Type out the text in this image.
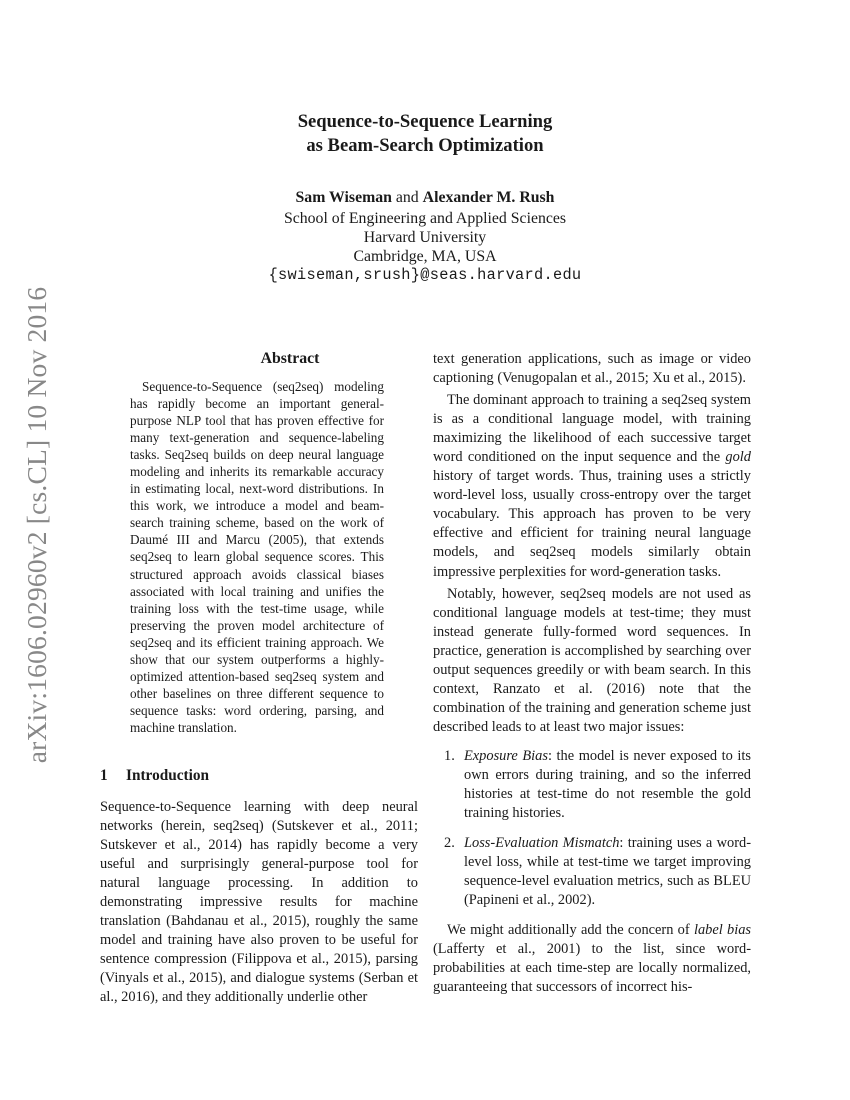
arXiv:1606.02960v2 [cs.CL] 10 Nov 2016
Sequence-to-Sequence Learning
as Beam-Search Optimization
Sam Wiseman and Alexander M. Rush
School of Engineering and Applied Sciences
Harvard University
Cambridge, MA, USA
{swiseman,srush}@seas.harvard.edu
Abstract

Sequence-to-Sequence (seq2seq) modeling has rapidly become an important general-purpose NLP tool that has proven effective for many text-generation and sequence-labeling tasks. Seq2seq builds on deep neural language modeling and inherits its remarkable accuracy in estimating local, next-word distributions. In this work, we introduce a model and beam-search training scheme, based on the work of Daumé III and Marcu (2005), that extends seq2seq to learn global sequence scores. This structured approach avoids classical biases associated with local training and unifies the training loss with the test-time usage, while preserving the proven model architecture of seq2seq and its efficient training approach. We show that our system outperforms a highly-optimized attention-based seq2seq system and other baselines on three different sequence to sequence tasks: word ordering, parsing, and machine translation.

1 Introduction

Sequence-to-Sequence learning with deep neural networks (herein, seq2seq) (Sutskever et al., 2011; Sutskever et al., 2014) has rapidly become a very useful and surprisingly general-purpose tool for natural language processing. In addition to demonstrating impressive results for machine translation (Bahdanau et al., 2015), roughly the same model and training have also proven to be useful for sentence compression (Filippova et al., 2015), parsing (Vinyals et al., 2015), and dialogue systems (Serban et al., 2016), and they additionally underlie other

text generation applications, such as image or video captioning (Venugopalan et al., 2015; Xu et al., 2015).

The dominant approach to training a seq2seq system is as a conditional language model, with training maximizing the likelihood of each successive target word conditioned on the input sequence and the gold history of target words. Thus, training uses a strictly word-level loss, usually cross-entropy over the target vocabulary. This approach has proven to be very effective and efficient for training neural language models, and seq2seq models similarly obtain impressive perplexities for word-generation tasks.

Notably, however, seq2seq models are not used as conditional language models at test-time; they must instead generate fully-formed word sequences. In practice, generation is accomplished by searching over output sequences greedily or with beam search. In this context, Ranzato et al. (2016) note that the combination of the training and generation scheme just described leads to at least two major issues:

1. Exposure Bias: the model is never exposed to its own errors during training, and so the inferred histories at test-time do not resemble the gold training histories.
2. Loss-Evaluation Mismatch: training uses a word-level loss, while at test-time we target improving sequence-level evaluation metrics, such as BLEU (Papineni et al., 2002).

We might additionally add the concern of label bias (Lafferty et al., 2001) to the list, since word-probabilities at each time-step are locally normalized, guaranteeing that successors of incorrect his-
